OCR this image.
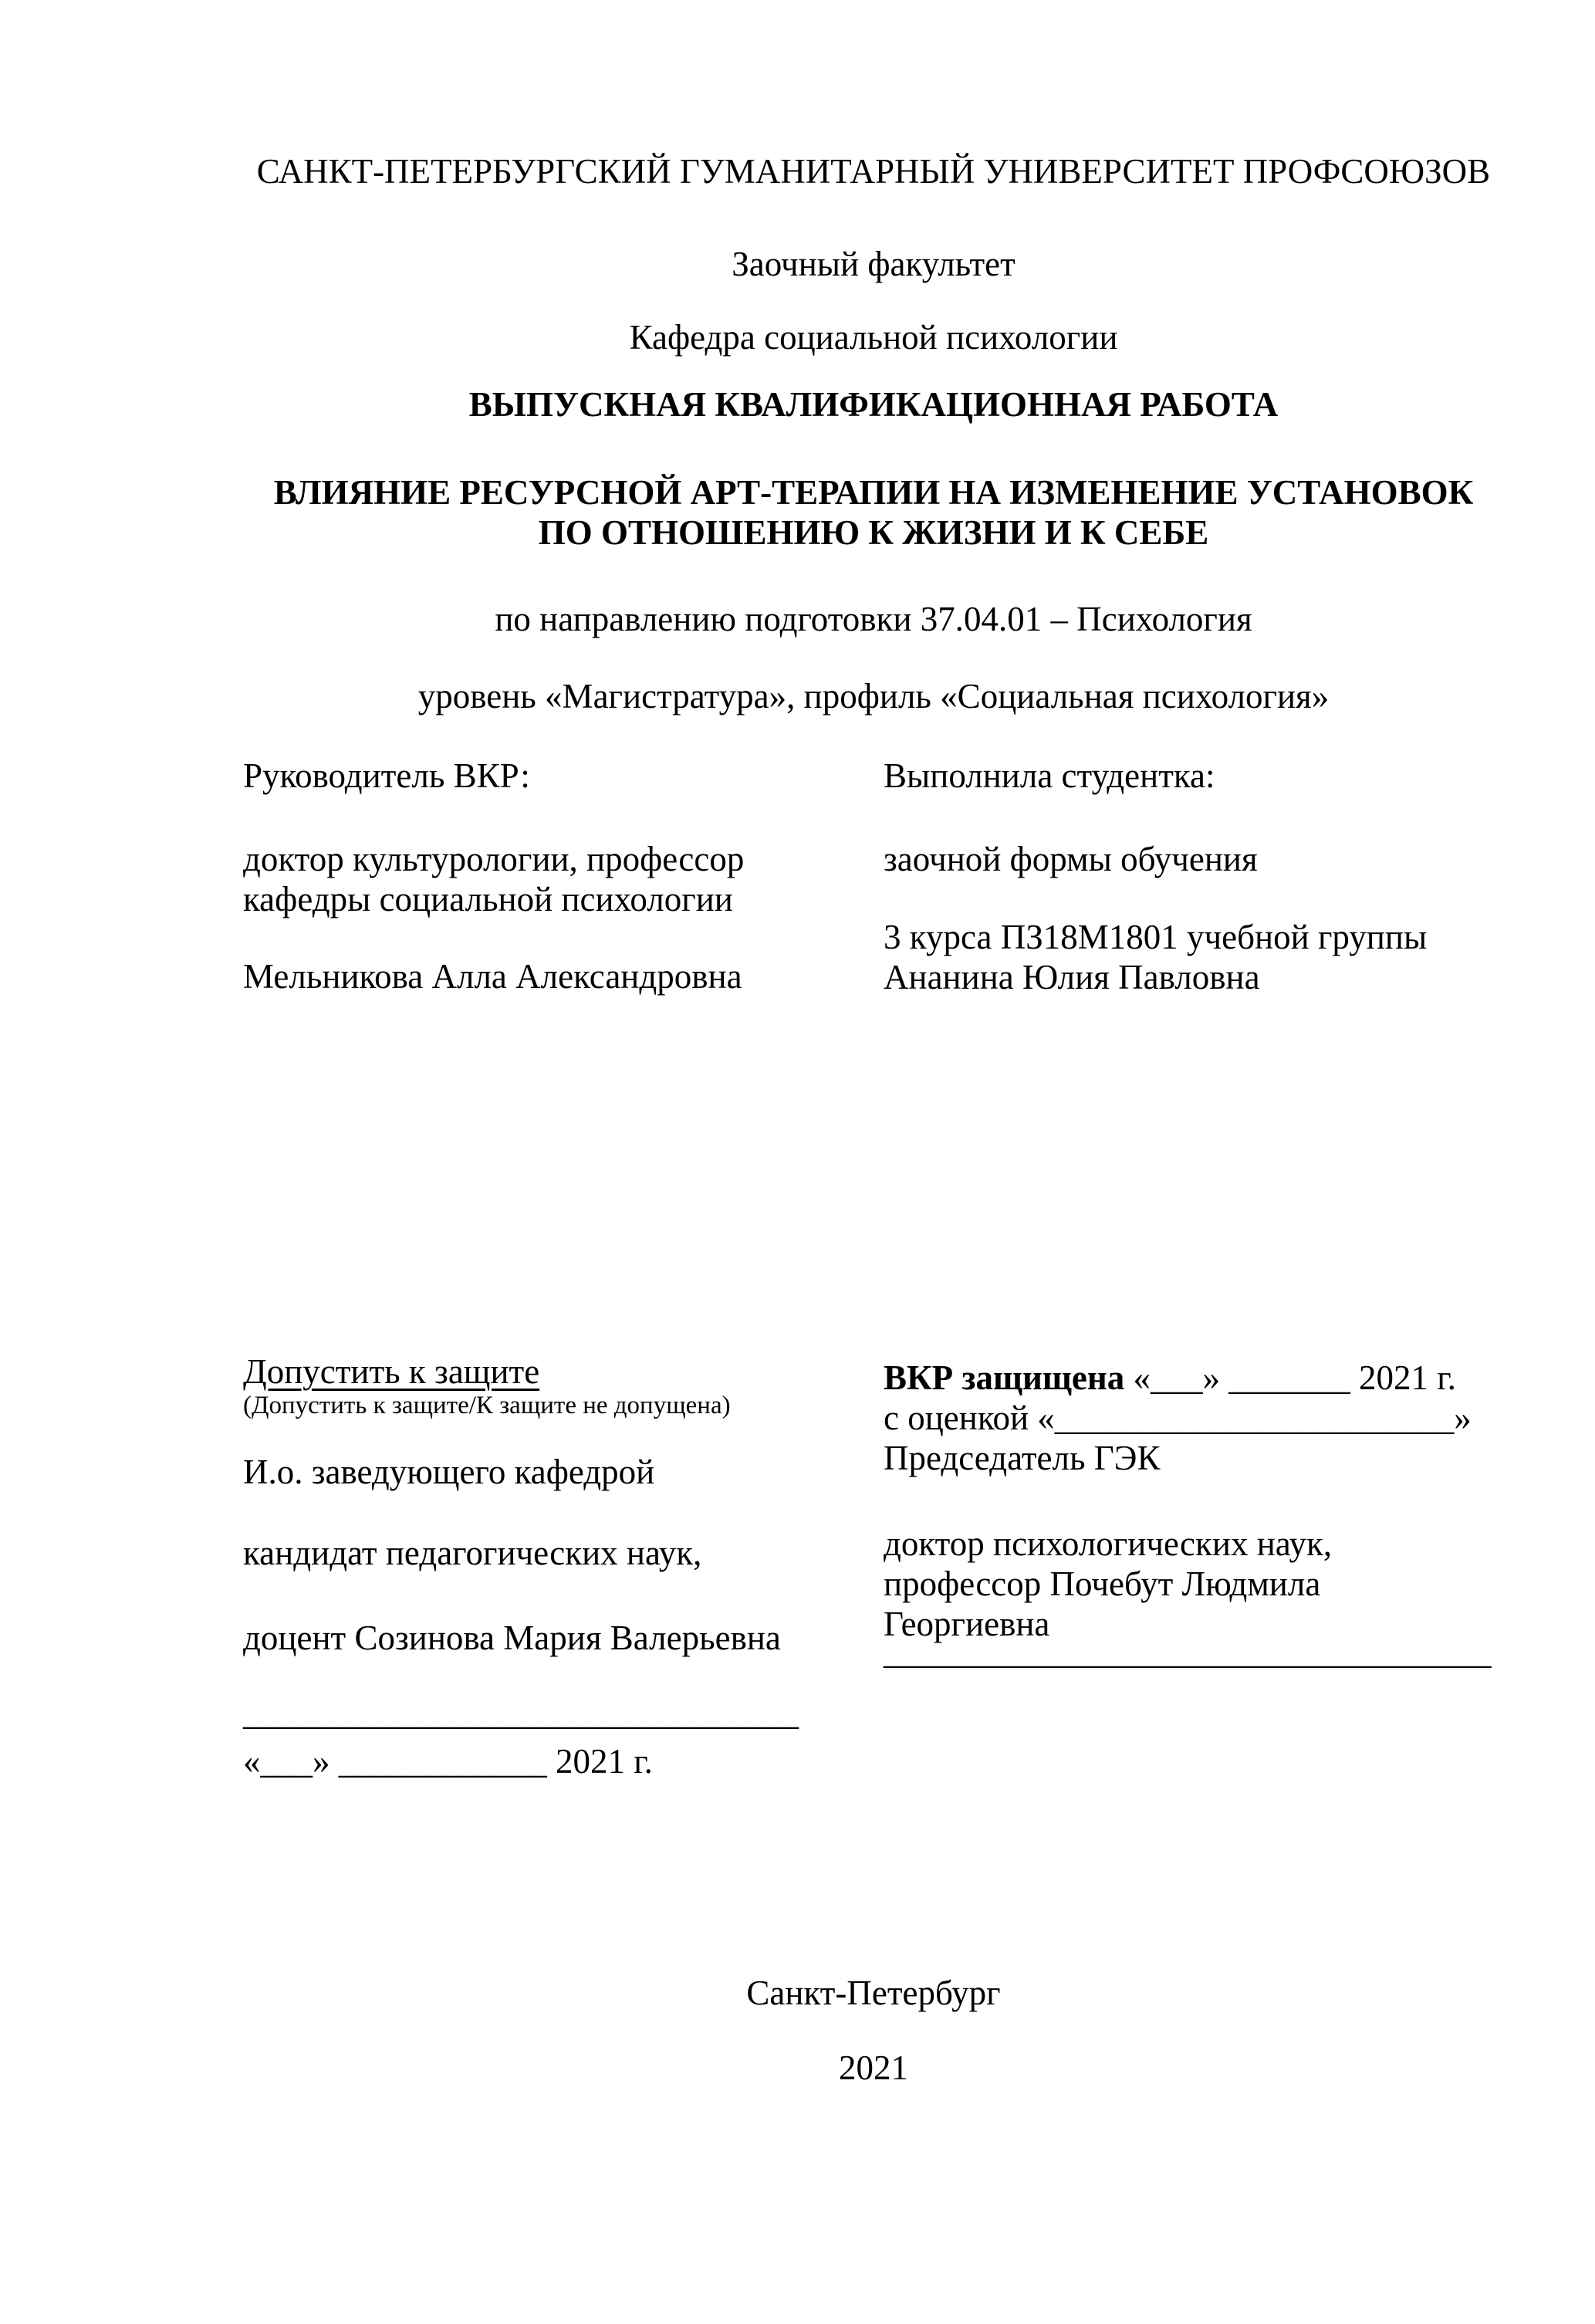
САНКТ-ПЕТЕРБУРГСКИЙ ГУМАНИТАРНЫЙ УНИВЕРСИТЕТ ПРОФСОЮЗОВ
Заочный факультет
Кафедра социальной психологии
ВЫПУСКНАЯ КВАЛИФИКАЦИОННАЯ РАБОТА
ВЛИЯНИЕ РЕСУРСНОЙ АРТ-ТЕРАПИИ НА ИЗМЕНЕНИЕ УСТАНОВОК
ПО ОТНОШЕНИЮ К ЖИЗНИ И К СЕБЕ
по направлению подготовки 37.04.01 – Психология
уровень «Магистратура», профиль «Социальная психология»
Руководитель ВКР:
доктор культурологии, профессор
кафедры социальной психологии
Мельникова Алла Александровна
Выполнила студентка:
заочной формы обучения
3 курса ПЗ18М1801 учебной группы
Ананина Юлия Павловна
Допустить к защите
(Допустить к защите/К защите не допущена)
И.о. заведующего кафедрой
кандидат педагогических наук,
доцент Созинова Мария Валерьевна
________________________________
«___» ____________ 2021 г.
ВКР защищена «___» _______ 2021 г.
с оценкой «_______________________»
Председатель ГЭК
доктор психологических наук,
профессор Почебут Людмила
Георгиевна
___________________________________
Санкт-Петербург
2021
